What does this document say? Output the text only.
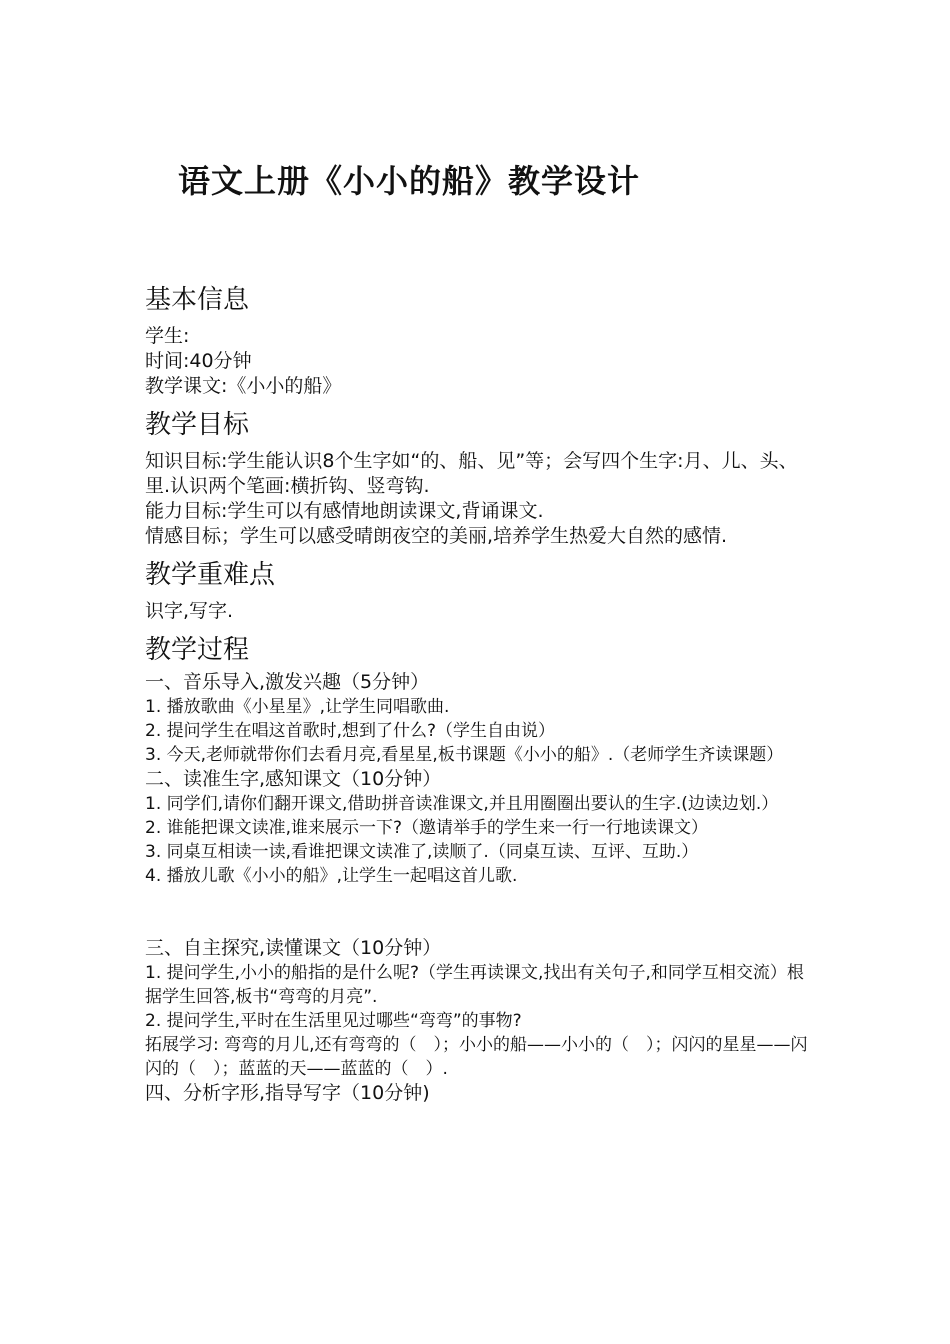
语文上册《小小的船》教学设计
基本信息

学生:

时间:40分钟

教学课文:《小小的船》

教学目标

知识目标:学生能认识8个生字如“的、船、见”等；会写四个生字:月、儿、头、里.认识两个笔画:横折钩、竖弯钩.

能力目标:学生可以有感情地朗读课文,背诵课文.

情感目标；学生可以感受晴朗夜空的美丽,培养学生热爱大自然的感情.

教学重难点

识字,写字.

教学过程

一、音乐导入,激发兴趣（5分钟）

1. 播放歌曲《小星星》,让学生同唱歌曲.

2. 提问学生在唱这首歌时,想到了什么?（学生自由说）

3. 今天,老师就带你们去看月亮,看星星,板书课题《小小的船》.（老师学生齐读课题）

二、读准生字,感知课文（10分钟）

1. 同学们,请你们翻开课文,借助拼音读准课文,并且用圈圈出要认的生字.(边读边划.）

2. 谁能把课文读准,谁来展示一下?（邀请举手的学生来一行一行地读课文）

3. 同桌互相读一读,看谁把课文读准了,读顺了.（同桌互读、互评、互助.）

4. 播放儿歌《小小的船》,让学生一起唱这首儿歌.

三、自主探究,读懂课文（10分钟）

1. 提问学生,小小的船指的是什么呢?（学生再读课文,找出有关句子,和同学互相交流）根据学生回答,板书“弯弯的月亮”.

2. 提问学生,平时在生活里见过哪些“弯弯”的事物?

拓展学习: 弯弯的月儿,还有弯弯的（　）；小小的船——小小的（　）；闪闪的星星——闪闪的（　）；蓝蓝的天——蓝蓝的（　）.

四、分析字形,指导写字（10分钟)
